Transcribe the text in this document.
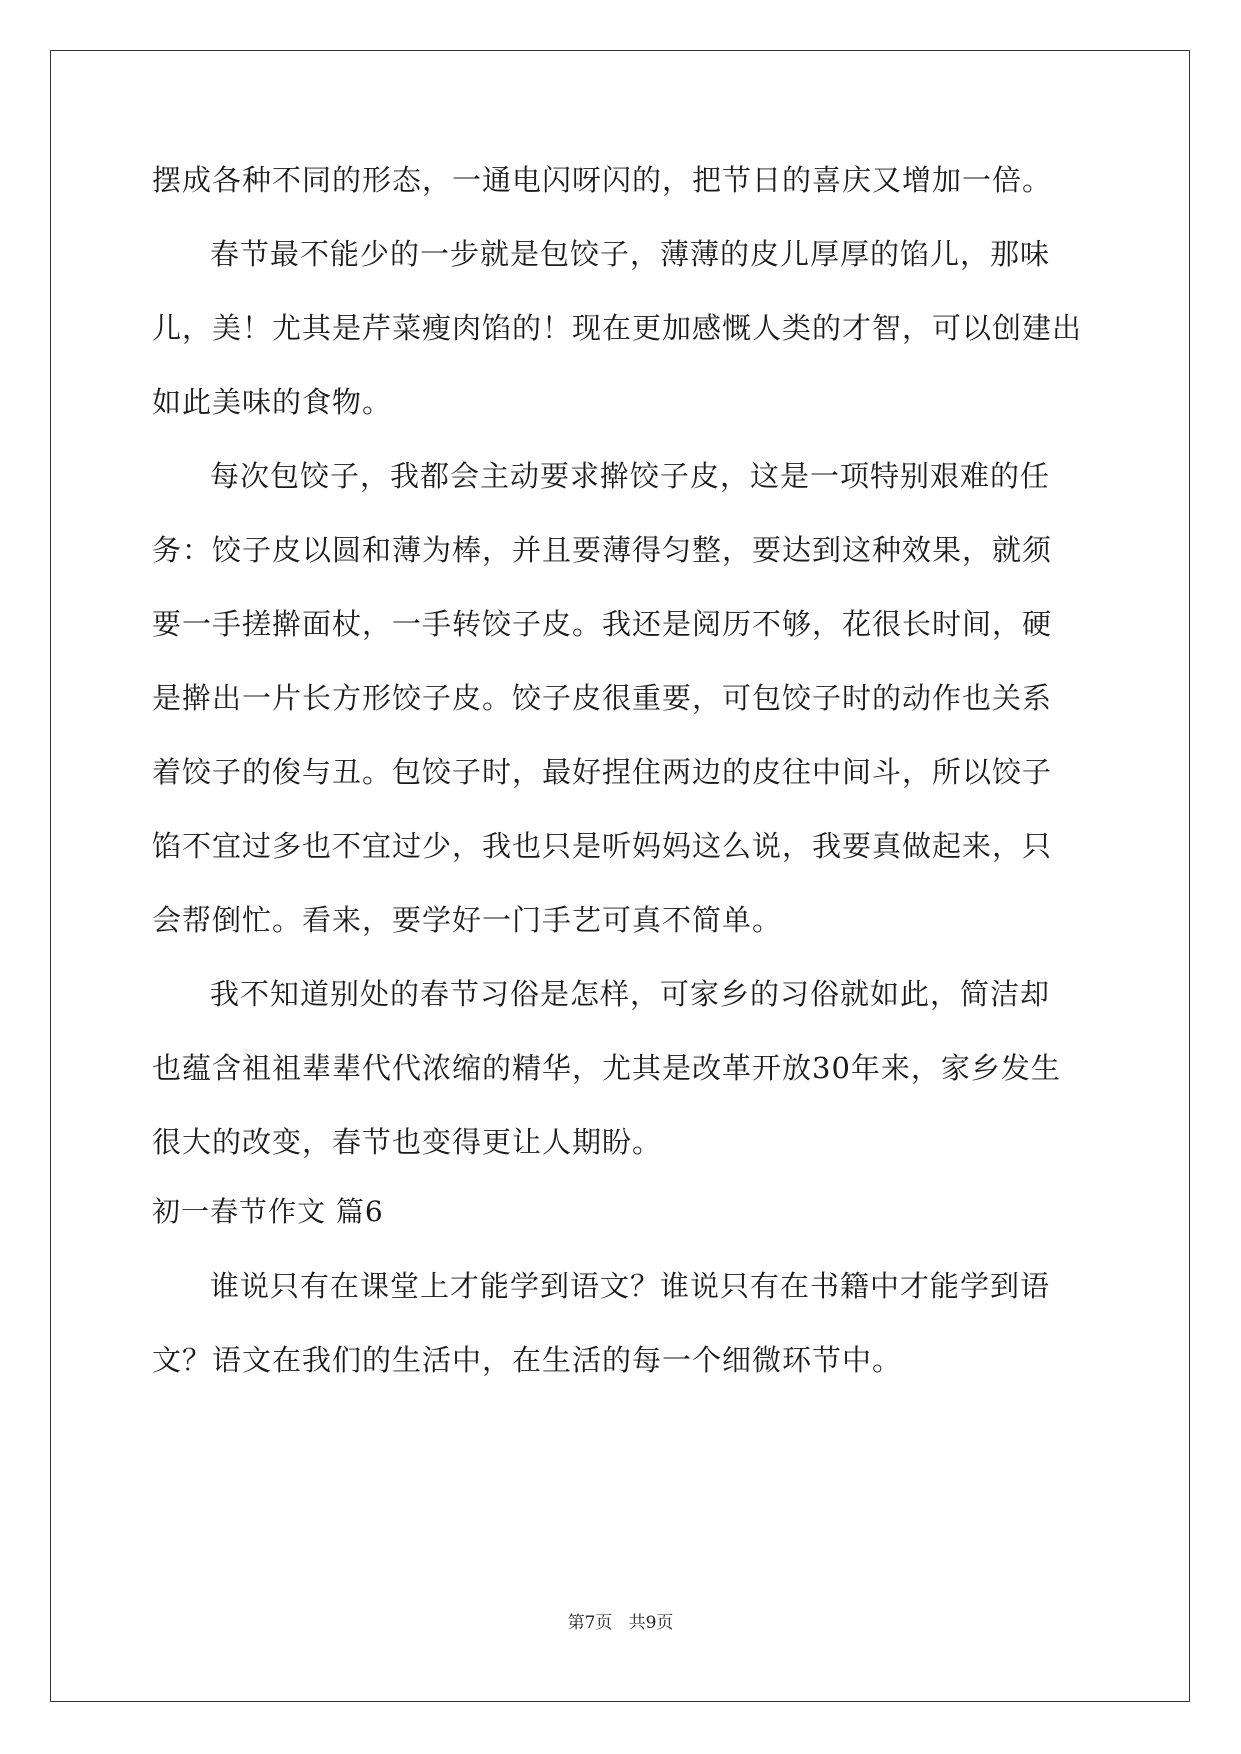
摆成各种不同的形态，一通电闪呀闪的，把节日的喜庆又增加一倍。
春节最不能少的一步就是包饺子，薄薄的皮儿厚厚的馅儿，那味
儿，美！尤其是芹菜瘦肉馅的！现在更加感慨人类的才智，可以创建出
如此美味的食物。
每次包饺子，我都会主动要求擀饺子皮，这是一项特别艰难的任
务：饺子皮以圆和薄为棒，并且要薄得匀整，要达到这种效果，就须
要一手搓擀面杖，一手转饺子皮。我还是阅历不够，花很长时间，硬
是擀出一片长方形饺子皮。饺子皮很重要，可包饺子时的动作也关系
着饺子的俊与丑。包饺子时，最好捏住两边的皮往中间斗，所以饺子
馅不宜过多也不宜过少，我也只是听妈妈这么说，我要真做起来，只
会帮倒忙。看来，要学好一门手艺可真不简单。
我不知道别处的春节习俗是怎样，可家乡的习俗就如此，简洁却
也蕴含祖祖辈辈代代浓缩的精华，尤其是改革开放30年来，家乡发生
很大的改变，春节也变得更让人期盼。
初一春节作文 篇6
谁说只有在课堂上才能学到语文？谁说只有在书籍中才能学到语
文？语文在我们的生活中，在生活的每一个细微环节中。
第7页   共9页
